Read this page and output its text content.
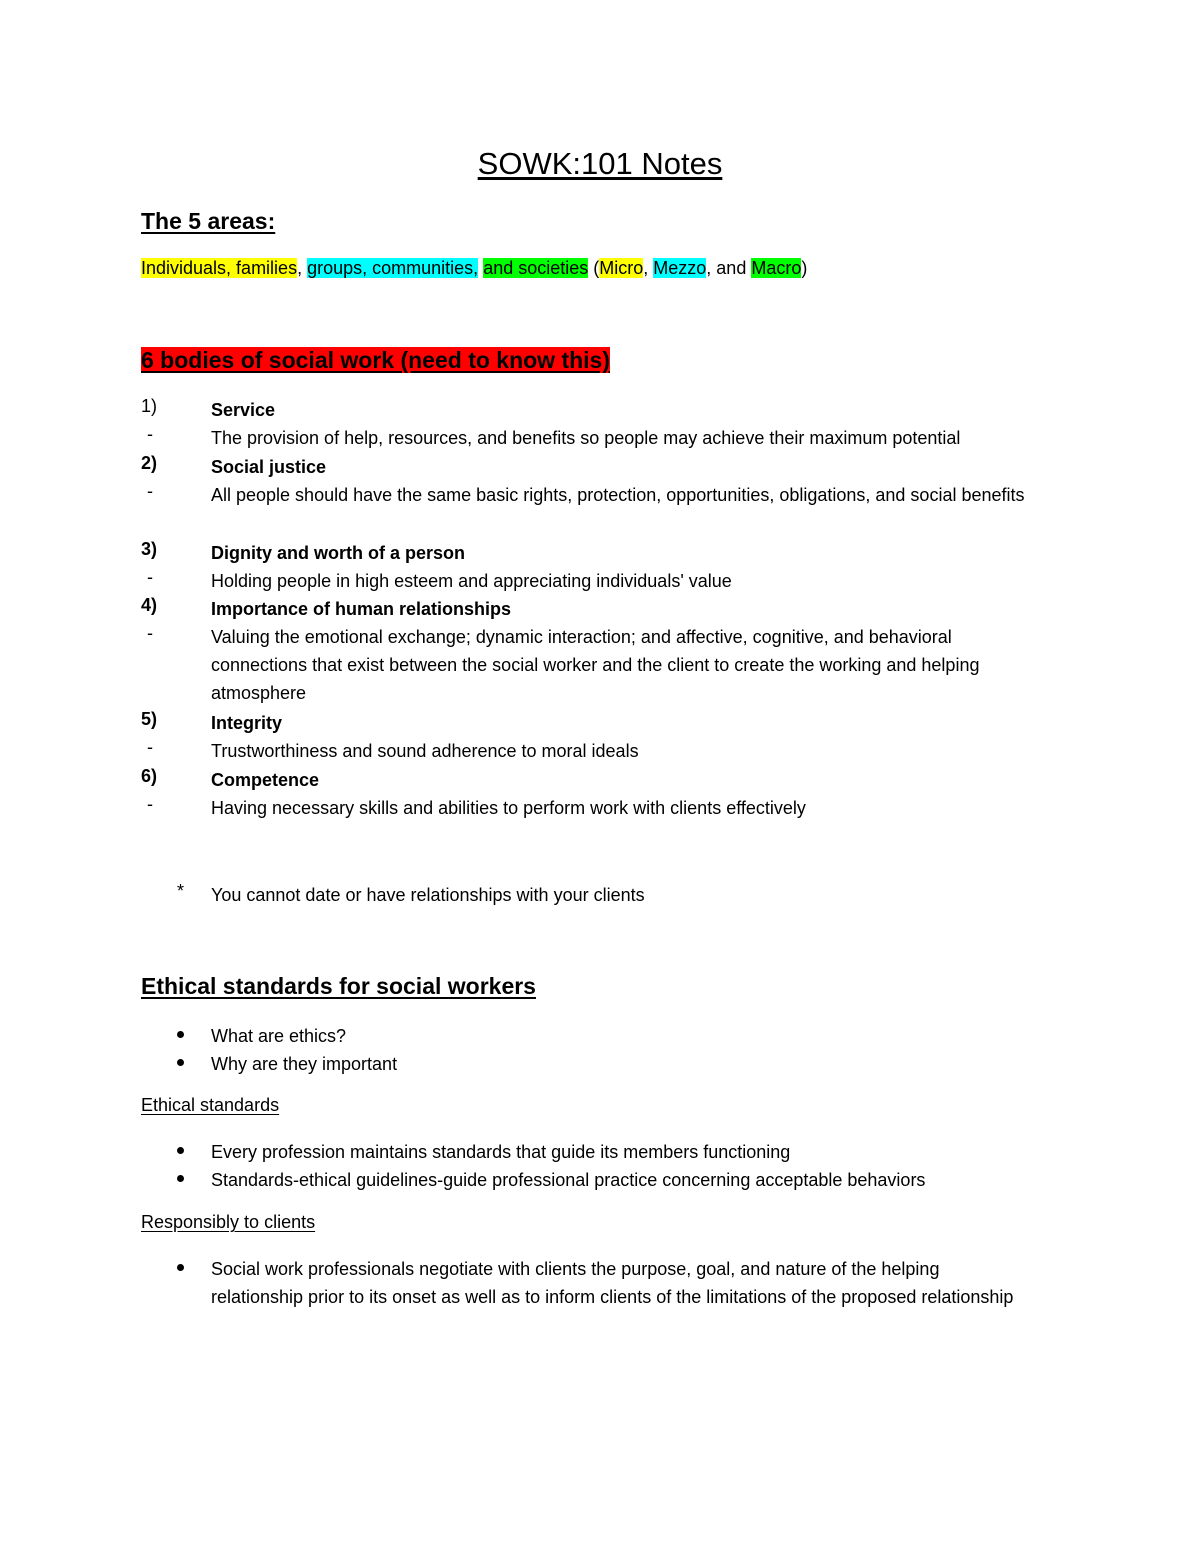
SOWK:101 Notes
The 5 areas:
Individuals, families, groups, communities, and societies (Micro, Mezzo, and Macro)
6 bodies of social work (need to know this)
1)	Service
-	The provision of help, resources, and benefits so people may achieve their maximum potential
2)	Social justice
-	All people should have the same basic rights, protection, opportunities, obligations, and social benefits
3)	Dignity and worth of a person
-	Holding people in high esteem and appreciating individuals' value
4)	Importance of human relationships
-	Valuing the emotional exchange; dynamic interaction; and affective, cognitive, and behavioral connections that exist between the social worker and the client to create the working and helping atmosphere
5)	Integrity
-	Trustworthiness and sound adherence to moral ideals
6)	Competence
-	Having necessary skills and abilities to perform work with clients effectively
*	You cannot date or have relationships with your clients
Ethical standards for social workers
What are ethics?
Why are they important
Ethical standards
Every profession maintains standards that guide its members functioning
Standards-ethical guidelines-guide professional practice concerning acceptable behaviors
Responsibly to clients
Social work professionals negotiate with clients the purpose, goal, and nature of the helping relationship prior to its onset as well as to inform clients of the limitations of the proposed relationship
